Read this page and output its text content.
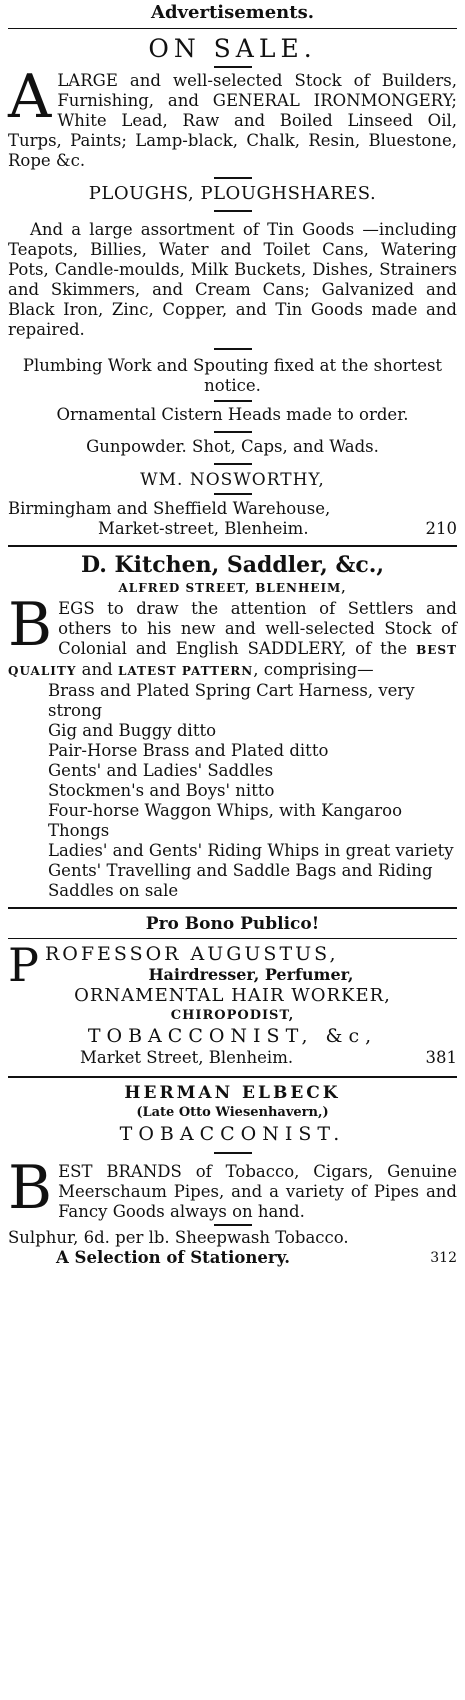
Advertisements.
ON SALE.

ALARGE and well-selected Stock of Builders, Furnishing, and GENERAL IRONMONGERY; White Lead, Raw and Boiled Linseed Oil, Turps, Paints; Lamp-black, Chalk, Resin, Bluestone, Rope &c.

PLOUGHS, PLOUGHSHARES.

And a large assortment of Tin Goods —including Teapots, Billies, Water and Toilet Cans, Watering Pots, Candle-moulds, Milk Buckets, Dishes, Strainers and Skimmers, and Cream Cans; Galvanized and Black Iron, Zinc, Copper, and Tin Goods made and repaired.

Plumbing Work and Spouting fixed at the shortest notice.

Ornamental Cistern Heads made to order.

Gunpowder. Shot, Caps, and Wads.

WM. NOSWORTHY,

Birmingham and Sheffield Warehouse,

Market-street, Blenheim.	210

D. Kitchen, Saddler, &c.,

ALFRED STREET, BLENHEIM,

BEGS to draw the attention of Settlers and others to his new and well-selected Stock of Colonial and English SADDLERY, of the BEST QUALITY and LATEST PATTERN, comprising—

Brass and Plated Spring Cart Harness, very strong
Gig and Buggy ditto
Pair-Horse Brass and Plated ditto
Gents' and Ladies' Saddles
Stockmen's and Boys' nitto
Four-horse Waggon Whips, with Kangaroo Thongs
Ladies' and Gents' Riding Whips in great variety
Gents' Travelling and Saddle Bags and Riding Saddles on sale

Pro Bono Publico!

PROFESSOR AUGUSTUS,

Hairdresser, Perfumer,

ORNAMENTAL HAIR WORKER,

CHIROPODIST,

TOBACCONIST, &c,

Market Street, Blenheim.	381

HERMAN ELBECK

(Late Otto Wiesenhavern,)

TOBACCONIST.

BEST BRANDS of Tobacco, Cigars, Genuine Meerschaum Pipes, and a variety of Pipes and Fancy Goods always on hand.

Sulphur, 6d. per lb. Sheepwash Tobacco.

A Selection of Stationery.	312
